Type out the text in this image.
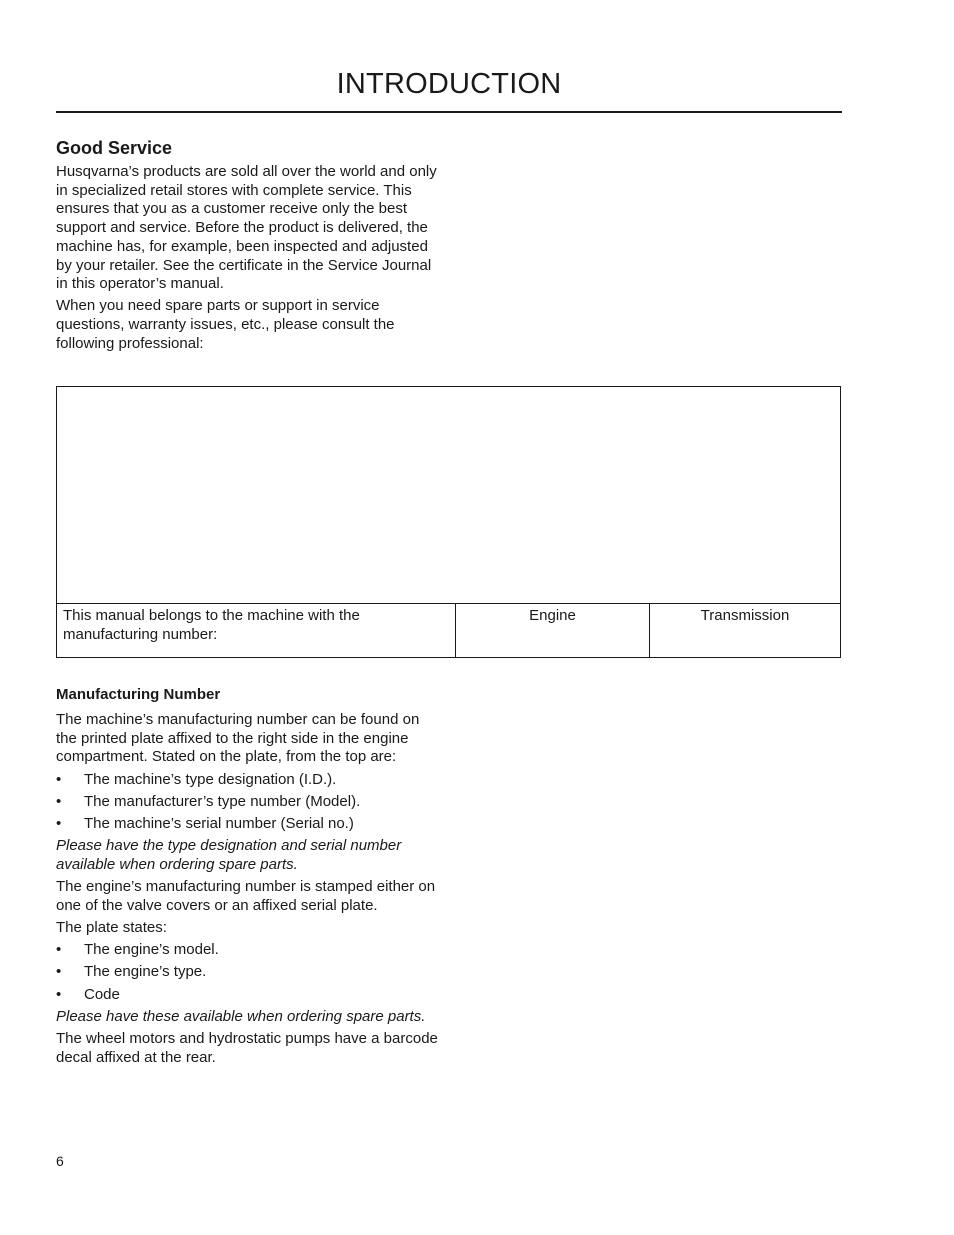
INTRODUCTION
Good Service

Husqvarna’s products are sold all over the world and only in specialized retail stores with complete service. This ensures that you as a customer receive only the best support and service. Before the product is delivered, the machine has, for example, been inspected and adjusted by your retailer. See the certificate in the Service Journal in this operator’s manual.

When you need spare parts or support in service questions, warranty issues, etc., please consult the following professional:

This manual belongs to the machine with the manufacturing number:
Engine	Transmission
Manufacturing Number

The machine’s manufacturing number can be found on the printed plate affixed to the right side in the engine compartment. Stated on the plate, from the top are:

•	The machine’s type designation (I.D.).
•	The manufacturer’s type number (Model).
•	The machine’s serial number (Serial no.)

Please have the type designation and serial number available when ordering spare parts.

The engine’s manufacturing number is stamped either on one of the valve covers or an affixed serial plate.

The plate states:

•	The engine’s model.
•	The engine’s type.
•	Code

Please have these available when ordering spare parts.

The wheel motors and hydrostatic pumps have a barcode decal affixed at the rear.

6
